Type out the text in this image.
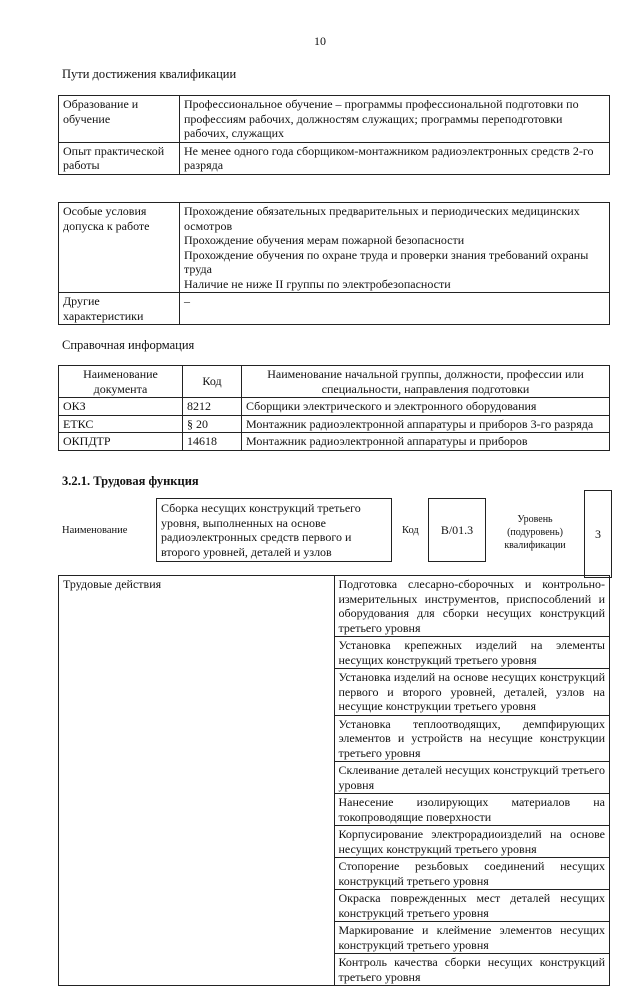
10
Пути достижения квалификации
Образование и обучение	Профессиональное обучение – программы профессиональной подготовки по профессиям рабочих, должностям служащих; программы переподготовки рабочих, служащих
Опыт практической работы	Не менее одного года сборщиком-монтажником радиоэлектронных средств 2-го разряда
Особые условия допуска к работе	Прохождение обязательных предварительных и периодических медицинских осмотров
Прохождение обучения мерам пожарной безопасности
Прохождение обучения по охране труда и проверки знания требований охраны труда
Наличие не ниже II группы по электробезопасности

Другие характеристики	–
Справочная информация
Наименование документа	Код	Наименование начальной группы, должности, профессии или специальности, направления подготовки
ОКЗ	8212	Сборщики электрического и электронного оборудования
ЕТКС	§ 20	Монтажник радиоэлектронной аппаратуры и приборов 3-го разряда
ОКПДТР	14618	Монтажник радиоэлектронной аппаратуры и приборов
3.2.1. Трудовая функция
Наименование
Сборка несущих конструкций третьего уровня, выполненных на основе радиоэлектронных средств первого и второго уровней, деталей и узлов
Код	B/01.3
Уровень (подуровень) квалификации
3
Трудовые действия	Подготовка слесарно-сборочных и контрольно-измерительных инструментов, приспособлений и оборудования для сборки несущих конструкций третьего уровня
Установка крепежных изделий на элементы несущих конструкций третьего уровня
Установка изделий на основе несущих конструкций первого и второго уровней, деталей, узлов на несущие конструкции третьего уровня
Установка теплоотводящих, демпфирующих элементов и устройств на несущие конструкции третьего уровня
Склеивание деталей несущих конструкций третьего уровня
Нанесение изолирующих материалов на токопроводящие поверхности
Корпусирование электрорадиоизделий на основе несущих конструкций третьего уровня
Стопорение резьбовых соединений несущих конструкций третьего уровня
Окраска поврежденных мест деталей несущих конструкций третьего уровня
Маркирование и клеймение элементов несущих конструкций третьего уровня
Контроль качества сборки несущих конструкций третьего уровня
